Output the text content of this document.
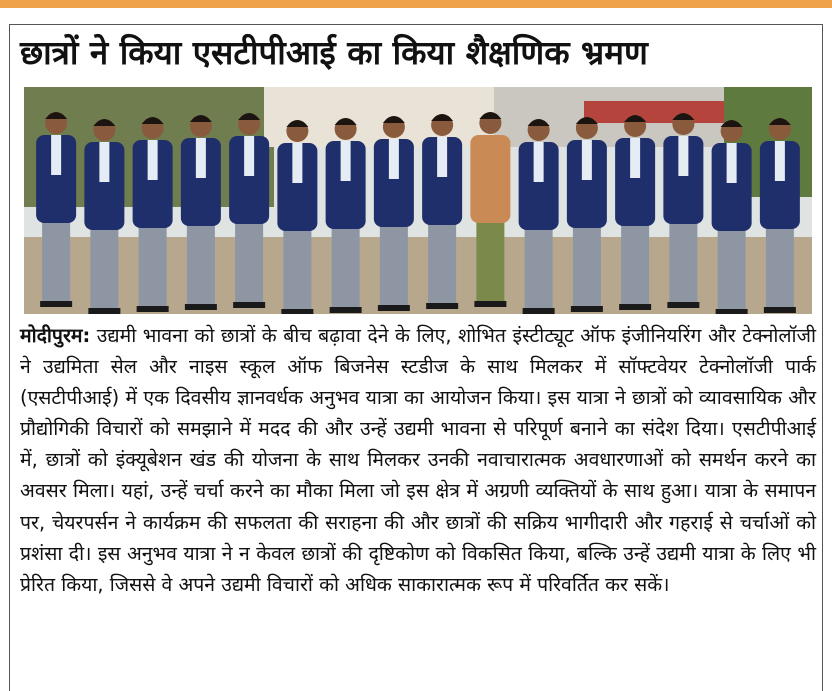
छात्रों ने किया एसटीपीआई का किया शैक्षणिक भ्रमण
मोदीपुरम: उद्यमी भावना को छात्रों के बीच बढ़ावा देने के लिए, शोभित इंस्टीट्यूट ऑफ इंजीनियरिंग और टेक्नोलॉजी ने उद्यमिता सेल और नाइस स्कूल ऑफ बिजनेस स्टडीज के साथ मिलकर में सॉफ्टवेयर टेक्नोलॉजी पार्क (एसटीपीआई) में एक दिवसीय ज्ञानवर्धक अनुभव यात्रा का आयोजन किया। इस यात्रा ने छात्रों को व्यावसायिक और प्रौद्योगिकी विचारों को समझाने में मदद की और उन्हें उद्यमी भावना से परिपूर्ण बनाने का संदेश दिया। एसटीपीआई में, छात्रों को इंक्यूबेशन खंड की योजना के साथ मिलकर उनकी नवाचारात्मक अवधारणाओं को समर्थन करने का अवसर मिला। यहां, उन्हें चर्चा करने का मौका मिला जो इस क्षेत्र में अग्रणी व्यक्तियों के साथ हुआ। यात्रा के समापन पर, चेयरपर्सन ने कार्यक्रम की सफलता की सराहना की और छात्रों की सक्रिय भागीदारी और गहराई से चर्चाओं को प्रशंसा दी। इस अनुभव यात्रा ने न केवल छात्रों की दृष्टिकोण को विकसित किया, बल्कि उन्हें उद्यमी यात्रा के लिए भी प्रेरित किया, जिससे वे अपने उद्यमी विचारों को अधिक साकारात्मक रूप में परिवर्तित कर सकें।
